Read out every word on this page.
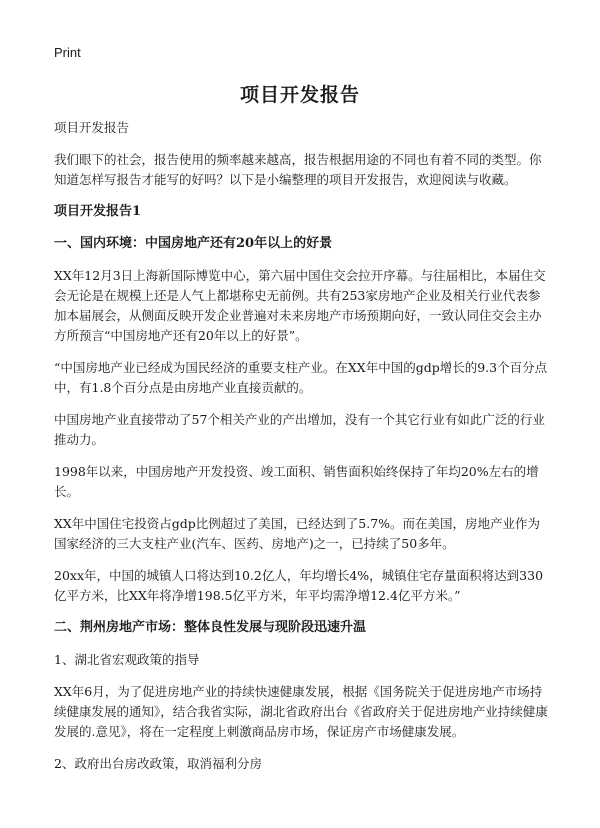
Print
项目开发报告

项目开发报告

我们眼下的社会，报告使用的频率越来越高，报告根据用途的不同也有着不同的类型。你知道怎样写报告才能写的好吗？以下是小编整理的项目开发报告，欢迎阅读与收藏。

项目开发报告1
一、国内环境：中国房地产还有20年以上的好景

XX年12月3日上海新国际博览中心，第六届中国住交会拉开序幕。与往届相比，本届住交会无论是在规模上还是人气上都堪称史无前例。共有253家房地产企业及相关行业代表参加本届展会，从侧面反映开发企业普遍对未来房地产市场预期向好，一致认同住交会主办方所预言“中国房地产还有20年以上的好景”。

“中国房地产业已经成为国民经济的重要支柱产业。在XX年中国的gdp增长的9.3个百分点中，有1.8个百分点是由房地产业直接贡献的。

中国房地产业直接带动了57个相关产业的产出增加，没有一个其它行业有如此广泛的行业推动力。

1998年以来，中国房地产开发投资、竣工面积、销售面积始终保持了年均20%左右的增长。

XX年中国住宅投资占gdp比例超过了美国，已经达到了5.7%。而在美国，房地产业作为国家经济的三大支柱产业(汽车、医药、房地产)之一，已持续了50多年。

20xx年，中国的城镇人口将达到10.2亿人，年均增长4%，城镇住宅存量面积将达到330亿平方米，比XX年将净增198.5亿平方米，年平均需净增12.4亿平方米。”

二、荆州房地产市场：整体良性发展与现阶段迅速升温

1、湖北省宏观政策的指导

XX年6月，为了促进房地产业的持续快速健康发展，根据《国务院关于促进房地产市场持续健康发展的通知》，结合我省实际，湖北省政府出台《省政府关于促进房地产业持续健康发展的.意见》，将在一定程度上刺激商品房市场，保证房产市场健康发展。

2、政府出台房改政策，取消福利分房
